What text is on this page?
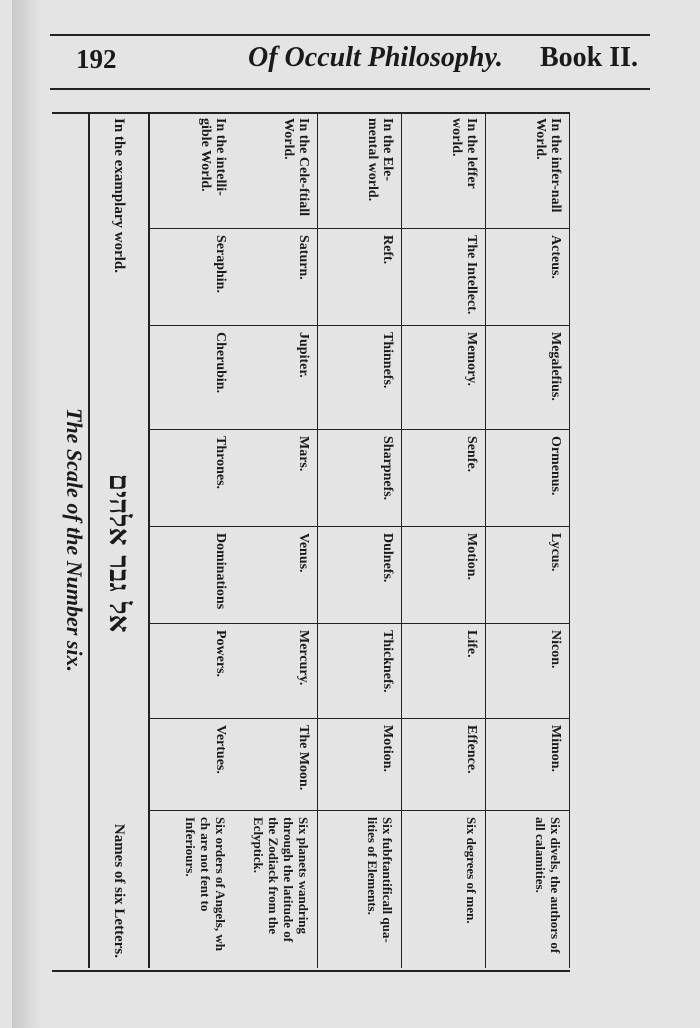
192	Of Occult Philosophy. Book II.
In the intelli-gible World.
Seraphin.
Cherubin.
Thrones.
Dominations
Powers.
Vertues.
Six orders of Angels, wh ch are not fent to Inferiours.
In the Cele-ftiall World.
Saturn.
Jupiter.
Mars.
Venus.
Mercury.
The Moon.
Six planets wandring through the latitude of the Zodiack from the Eclyptick.
In the Ele-mental world.
Reft.
Thinnefs.
Sharpnefs.
Dulnefs.
Thicknefs.
Motion.
Six fubftantificall qua-lities of Elements.
In the leffer world.
The Intellect.
Memory.
Senfe.
Motion.
Life.
Effence.
Six degrees of men.
In the infer-nall World.
Acteus.
Megalefius.
Ormenus.
Lycus.
Nicon.
Mimon.
Six divels, the authors of all calamities.
In the examplary world.
אל גבר אלהים
Names of six Letters.
The Scale of the Number six.
